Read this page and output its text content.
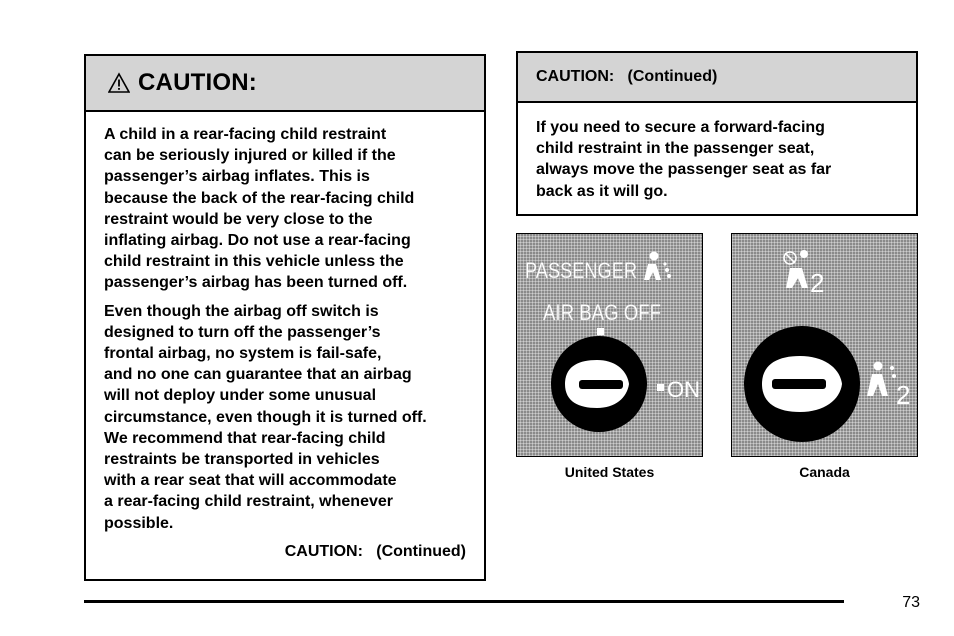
CAUTION:

A child in a rear-facing child restraint
can be seriously injured or killed if the
passenger’s airbag inflates. This is
because the back of the rear-facing child
restraint would be very close to the
inflating airbag. Do not use a rear-facing
child restraint in this vehicle unless the
passenger’s airbag has been turned off.

Even though the airbag off switch is
designed to turn off the passenger’s
frontal airbag, no system is fail-safe,
and no one can guarantee that an airbag
will not deploy under some unusual
circumstance, even though it is turned off.
We recommend that rear-facing child
restraints be transported in vehicles
with a rear seat that will accommodate
a rear-facing child restraint, whenever
possible.

CAUTION:   (Continued)
CAUTION:   (Continued)

If you need to secure a forward-facing
child restraint in the passenger seat,
always move the passenger seat as far
back as it will go.

PASSENGER
AIR BAG OFF
ON
2
2
United States	Canada
73
